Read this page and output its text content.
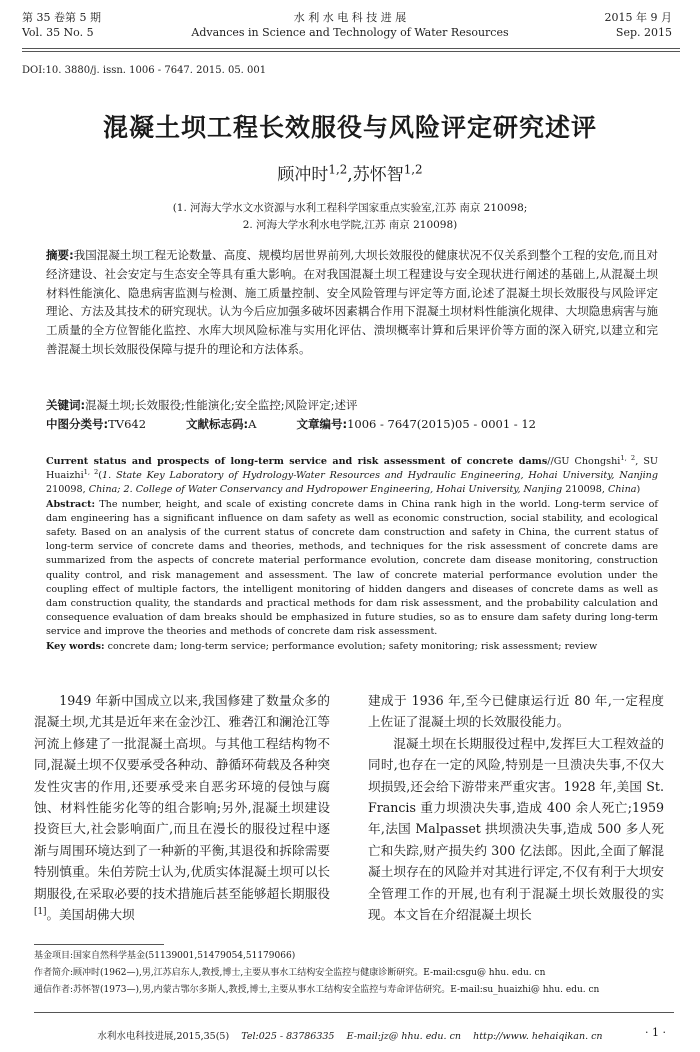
第 35 卷第 5 期
Vol. 35 No. 5
水 利 水 电 科 技 进 展
Advances in Science and Technology of Water Resources
2015 年 9 月
Sep. 2015
DOI:10. 3880/j. issn. 1006 - 7647. 2015. 05. 001
混凝土坝工程长效服役与风险评定研究述评
顾冲时$^{1,2}$,苏怀智$^{1,2}$
(1. 河海大学水文水资源与水利工程科学国家重点实验室,江苏 南京 210098;
2. 河海大学水利水电学院,江苏 南京 210098)
摘要:我国混凝土坝工程无论数量、高度、规模均居世界前列,大坝长效服役的健康状况不仅关系到整个工程的安危,而且对经济建设、社会安定与生态安全等具有重大影响。在对我国混凝土坝工程建设与安全现状进行阐述的基础上,从混凝土坝材料性能演化、隐患病害监测与检测、施工质量控制、安全风险管理与评定等方面,论述了混凝土坝长效服役与风险评定理论、方法及其技术的研究现状。认为今后应加强多破坏因素耦合作用下混凝土坝材料性能演化规律、大坝隐患病害与施工质量的全方位智能化监控、水库大坝风险标准与实用化评估、溃坝概率计算和后果评价等方面的深入研究,以建立和完善混凝土坝长效服役保障与提升的理论和方法体系。
关键词:混凝土坝;长效服役;性能演化;安全监控;风险评定;述评
中图分类号:TV642	文献标志码:A	文章编号:1006 - 7647(2015)05 - 0001 - 12
Current status and prospects of long-term service and risk assessment of concrete dams//GU Chongshi$^{1, 2}$, SU Huaizhi$^{1, 2}$(1. State Key Laboratory of Hydrology-Water Resources and Hydraulic Engineering, Hohai University, Nanjing 210098, China; 2. College of Water Conservancy and Hydropower Engineering, Hohai University, Nanjing 210098, China)
Abstract: The number, height, and scale of existing concrete dams in China rank high in the world. Long-term service of dam engineering has a significant influence on dam safety as well as economic construction, social stability, and ecological safety. Based on an analysis of the current status of concrete dam construction and safety in China, the current status of long-term service of concrete dams and theories, methods, and techniques for the risk assessment of concrete dams are summarized from the aspects of concrete material performance evolution, concrete dam disease monitoring, construction quality control, and risk management and assessment. The law of concrete material performance evolution under the coupling effect of multiple factors, the intelligent monitoring of hidden dangers and diseases of concrete dams as well as dam construction quality, the standards and practical methods for dam risk assessment, and the probability calculation and consequence evaluation of dam breaks should be emphasized in future studies, so as to ensure dam safety during long-term service and improve the theories and methods of concrete dam risk assessment.
Key words: concrete dam; long-term service; performance evolution; safety monitoring; risk assessment; review

1949 年新中国成立以来,我国修建了数量众多的混凝土坝,尤其是近年来在金沙江、雅砻江和澜沧江等河流上修建了一批混凝土高坝。与其他工程结构物不同,混凝土坝不仅要承受各种动、静循环荷载及各种突发性灾害的作用,还要承受来自恶劣环境的侵蚀与腐蚀、材料性能劣化等的组合影响;另外,混凝土坝建设投资巨大,社会影响面广,而且在漫长的服役过程中逐渐与周围环境达到了一种新的平衡,其退役和拆除需要特别慎重。朱伯芳院士认为,优质实体混凝土坝可以长期服役,在采取必要的技术措施后甚至能够超长期服役[1]。美国胡佛大坝

建成于 1936 年,至今已健康运行近 80 年,一定程度上佐证了混凝土坝的长效服役能力。

混凝土坝在长期服役过程中,发挥巨大工程效益的同时,也存在一定的风险,特别是一旦溃决失事,不仅大坝损毁,还会给下游带来严重灾害。1928 年,美国 St. Francis 重力坝溃决失事,造成 400 余人死亡;1959 年,法国 Malpasset 拱坝溃决失事,造成 500 多人死亡和失踪,财产损失约 300 亿法郎。因此,全面了解混凝土坝存在的风险并对其进行评定,不仅有利于大坝安全管理工作的开展,也有利于混凝土坝长效服役的实现。本文旨在介绍混凝土坝长

基金项目:国家自然科学基金(51139001,51479054,51179066)
作者简介:顾冲时(1962—),男,江苏启东人,教授,博士,主要从事水工结构安全监控与健康诊断研究。E-mail:csgu@ hhu. edu. cn
通信作者:苏怀智(1973—),男,内蒙古鄂尔多斯人,教授,博士,主要从事水工结构安全监控与寿命评估研究。E-mail:su_huaizhi@ hhu. edu. cn
水利水电科技进展,2015,35(5) Tel:025 - 83786335 E-mail:jz@ hhu. edu. cn http://www. hehaiqikan. cn	· 1 ·
